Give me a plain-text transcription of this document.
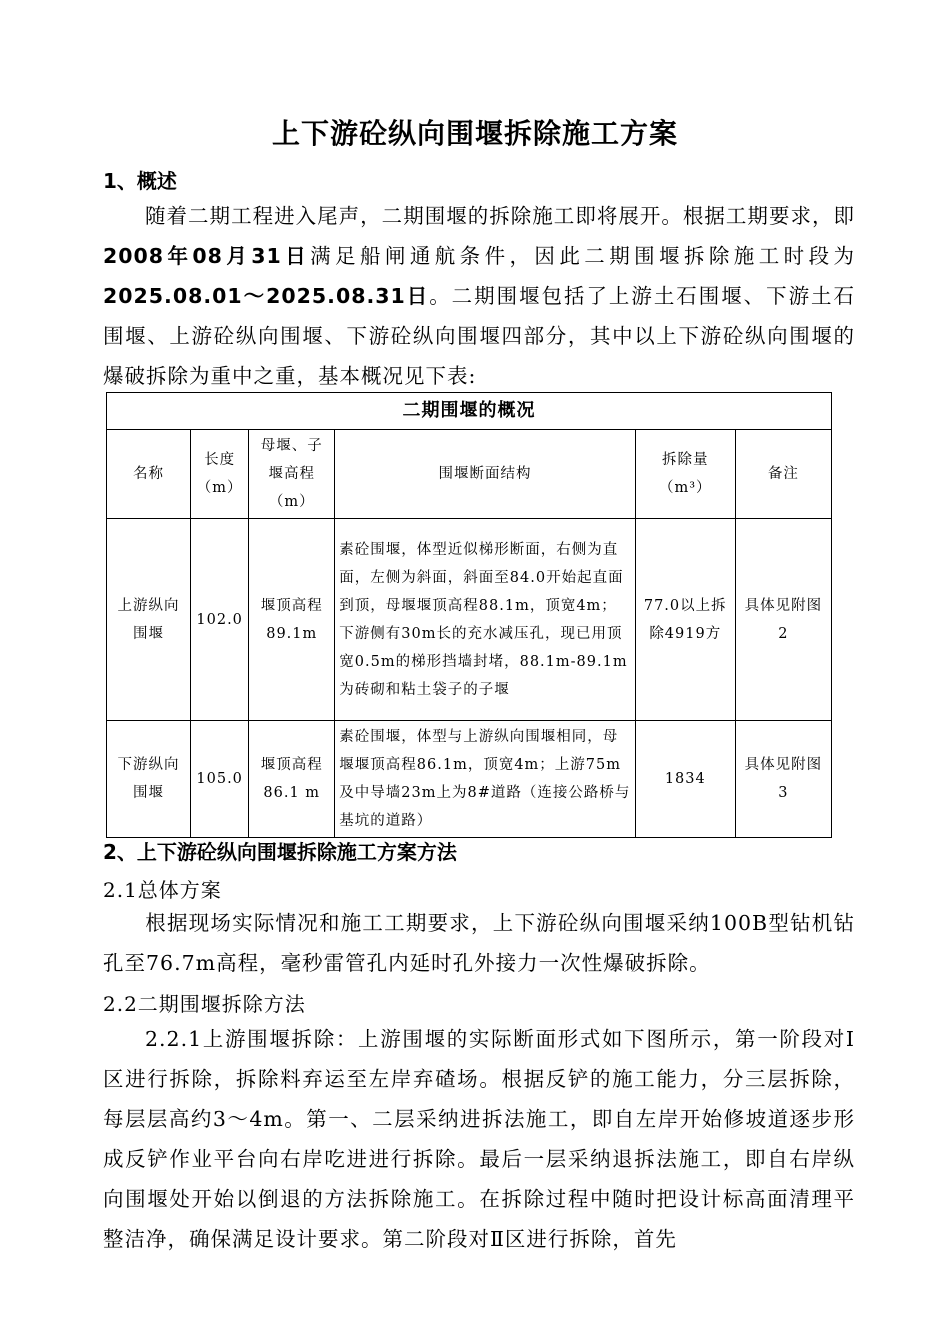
上下游砼纵向围堰拆除施工方案
1、概述
随着二期工程进入尾声，二期围堰的拆除施工即将展开。根据工期要求，即2008年08月31日满足船闸通航条件，因此二期围堰拆除施工时段为2025.08.01～2025.08.31日。二期围堰包括了上游土石围堰、下游土石围堰、上游砼纵向围堰、下游砼纵向围堰四部分，其中以上下游砼纵向围堰的爆破拆除为重中之重，基本概况见下表:
二期围堰的概况					
名称	长度（m）	母堰、子堰高程（m）	围堰断面结构	拆除量（m³）	备注
上游纵向围堰	102.0	堰顶高程89.1m	素砼围堰，体型近似梯形断面，右侧为直面，左侧为斜面，斜面至84.0开始起直面到顶，母堰堰顶高程88.1m，顶宽4m；下游侧有30m长的充水减压孔，现已用顶宽0.5m的梯形挡墙封堵，88.1m-89.1m为砖砌和粘土袋子的子堰	77.0以上拆除4919方	具体见附图2
下游纵向围堰	105.0	堰顶高程86.1 m	素砼围堰，体型与上游纵向围堰相同，母堰堰顶高程86.1m，顶宽4m；上游75m及中导墙23m上为8#道路（连接公路桥与基坑的道路）	1834	具体见附图3
2、上下游砼纵向围堰拆除施工方案方法
2.1总体方案
根据现场实际情况和施工工期要求，上下游砼纵向围堰采纳100B型钻机钻孔至76.7m高程，毫秒雷管孔内延时孔外接力一次性爆破拆除。
2.2二期围堰拆除方法
2.2.1上游围堰拆除：上游围堰的实际断面形式如下图所示，第一阶段对Ⅰ区进行拆除，拆除料弃运至左岸弃碴场。根据反铲的施工能力，分三层拆除，每层层高约3～4m。第一、二层采纳进拆法施工，即自左岸开始修坡道逐步形成反铲作业平台向右岸吃进进行拆除。最后一层采纳退拆法施工，即自右岸纵向围堰处开始以倒退的方法拆除施工。在拆除过程中随时把设计标高面清理平整洁净，确保满足设计要求。第二阶段对Ⅱ区进行拆除，首先
